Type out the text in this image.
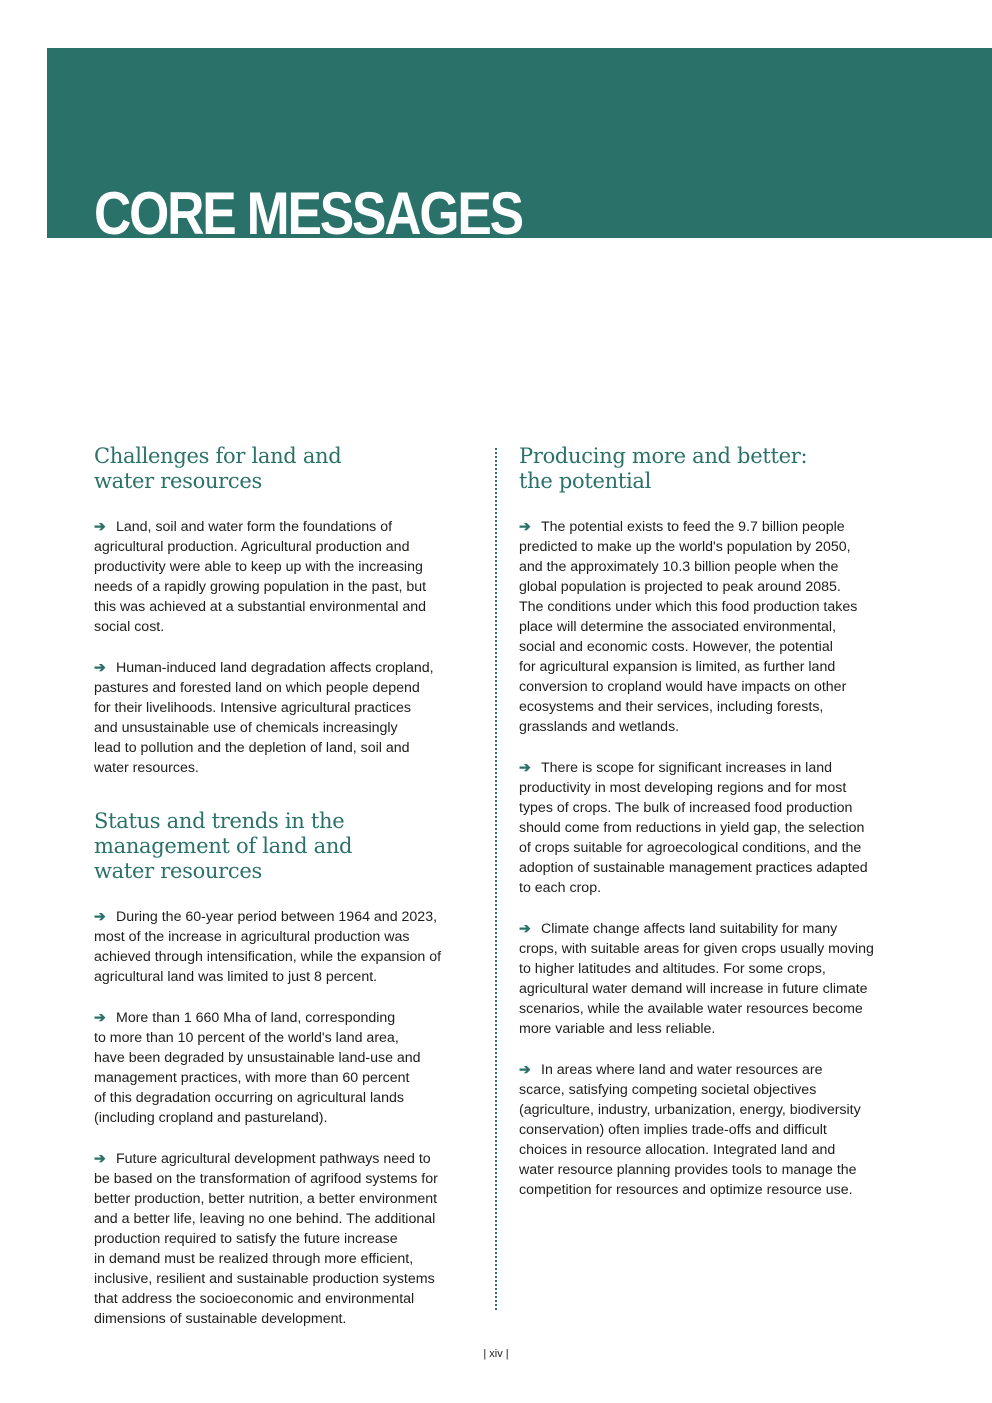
CORE MESSAGES
Challenges for land and
water resources

➔ Land, soil and water form the foundations of
agricultural production. Agricultural production and
productivity were able to keep up with the increasing
needs of a rapidly growing population in the past, but
this was achieved at a substantial environmental and
social cost.

➔ Human-induced land degradation affects cropland,
pastures and forested land on which people depend
for their livelihoods. Intensive agricultural practices
and unsustainable use of chemicals increasingly
lead to pollution and the depletion of land, soil and
water resources.

Status and trends in the
management of land and
water resources

➔ During the 60-year period between 1964 and 2023,
most of the increase in agricultural production was
achieved through intensification, while the expansion of
agricultural land was limited to just 8 percent.

➔ More than 1 660 Mha of land, corresponding
to more than 10 percent of the world's land area,
have been degraded by unsustainable land-use and
management practices, with more than 60 percent
of this degradation occurring on agricultural lands
(including cropland and pastureland).

➔ Future agricultural development pathways need to
be based on the transformation of agrifood systems for
better production, better nutrition, a better environment
and a better life, leaving no one behind. The additional
production required to satisfy the future increase
in demand must be realized through more efficient,
inclusive, resilient and sustainable production systems
that address the socioeconomic and environmental
dimensions of sustainable development.

Producing more and better:
the potential

➔ The potential exists to feed the 9.7 billion people
predicted to make up the world's population by 2050,
and the approximately 10.3 billion people when the
global population is projected to peak around 2085.
The conditions under which this food production takes
place will determine the associated environmental,
social and economic costs. However, the potential
for agricultural expansion is limited, as further land
conversion to cropland would have impacts on other
ecosystems and their services, including forests,
grasslands and wetlands.

➔ There is scope for significant increases in land
productivity in most developing regions and for most
types of crops. The bulk of increased food production
should come from reductions in yield gap, the selection
of crops suitable for agroecological conditions, and the
adoption of sustainable management practices adapted
to each crop.

➔ Climate change affects land suitability for many
crops, with suitable areas for given crops usually moving
to higher latitudes and altitudes. For some crops,
agricultural water demand will increase in future climate
scenarios, while the available water resources become
more variable and less reliable.

➔ In areas where land and water resources are
scarce, satisfying competing societal objectives
(agriculture, industry, urbanization, energy, biodiversity
conservation) often implies trade-offs and difficult
choices in resource allocation. Integrated land and
water resource planning provides tools to manage the
competition for resources and optimize resource use.

| xiv |
